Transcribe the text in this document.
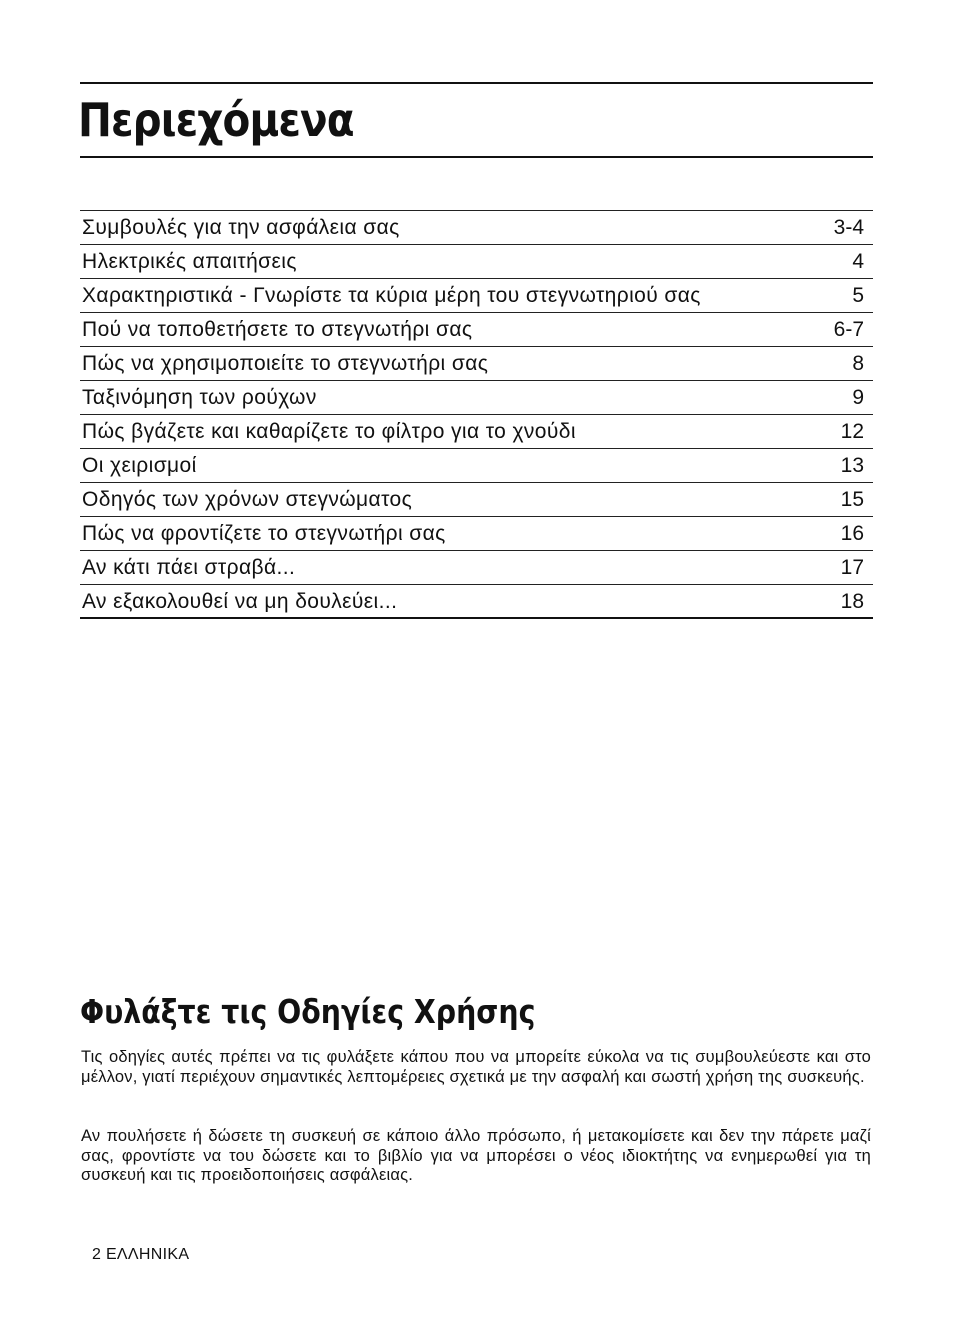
Περιεχόμενα
Συμβουλές για την ασφάλεια σας	3-4
Ηλεκτρικές απαιτήσεις	4
Χαρακτηριστικά - Γνωρίστε τα κύρια μέρη του στεγνωτηριού σας	5
Πού να τοποθετήσετε το στεγνωτήρι σας	6-7
Πώς να χρησιμοποιείτε το στεγνωτήρι σας	8
Ταξινόμηση των ρούχων	9
Πώς βγάζετε και καθαρίζετε το φίλτρο για το χνούδι	12
Οι χειρισμοί	13
Οδηγός των χρόνων στεγνώματος	15
Πώς να φροντίζετε το στεγνωτήρι σας	16
Αν κάτι πάει στραβά...	17
Αν εξακολουθεί να μη δουλεύει...	18
Φυλάξτε τις Οδηγίες Χρήσης

Τις οδηγίες αυτές πρέπει να τις φυλάξετε κάπου που να μπορείτε εύκολα να τις συμβουλεύεστε και στο μέλλον, γιατί περιέχουν σημαντικές λεπτομέρειες σχετικά με την ασφαλή και σωστή χρήση της συσκευής.

Αν πουλήσετε ή δώσετε τη συσκευή σε κάποιο άλλο πρόσωπο, ή μετακομίσετε και δεν την πάρετε μαζί σας, φροντίστε να του δώσετε και το βιβλίο για να μπορέσει ο νέος ιδιοκτήτης να ενημερωθεί για τη συσκευή και τις προειδοποιήσεις ασφάλειας.

2 ΕΛΛΗΝΙΚΑ
